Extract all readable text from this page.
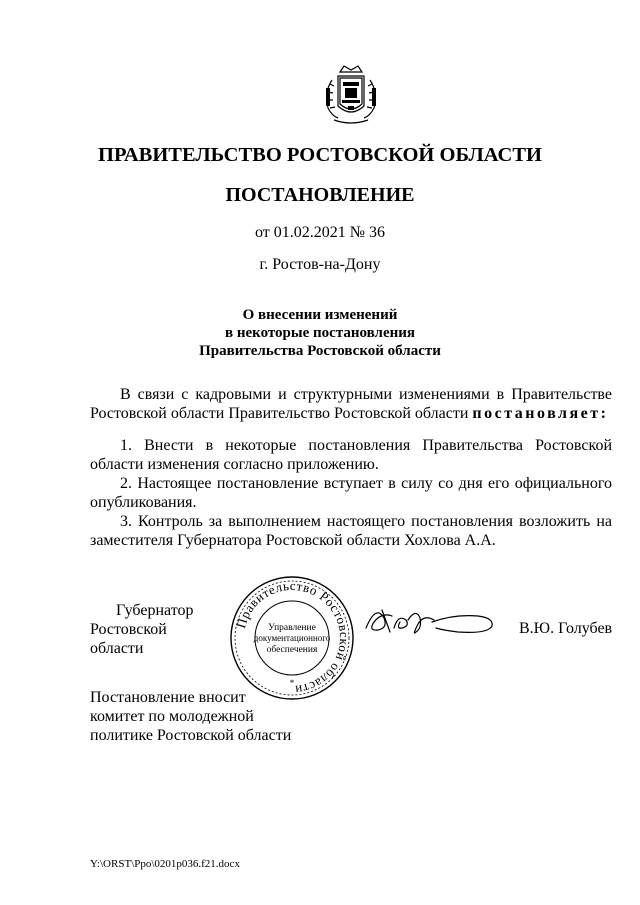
ПРАВИТЕЛЬСТВО РОСТОВСКОЙ ОБЛАСТИ
ПОСТАНОВЛЕНИЕ
от 01.02.2021 № 36
г. Ростов-на-Дону
О внесении изменений
в некоторые постановления
Правительства Ростовской области

В связи с кадровыми и структурными изменениями в Правительстве Ростовской области Правительство Ростовской области постановляет:

1. Внести в некоторые постановления Правительства Ростовской области изменения согласно приложению.

2. Настоящее постановление вступает в силу со дня его официального опубликования.

3. Контроль за выполнением настоящего постановления возложить на заместителя Губернатора Ростовской области Хохлова А.А.

Губернатор
Ростовской области
Правительство Ростовской области
Управление
документационного
обеспечения
*
В.Ю. Голубев
Постановление вносит
комитет по молодежной
политике Ростовской области
Y:\ORST\Ppo\0201p036.f21.docx
